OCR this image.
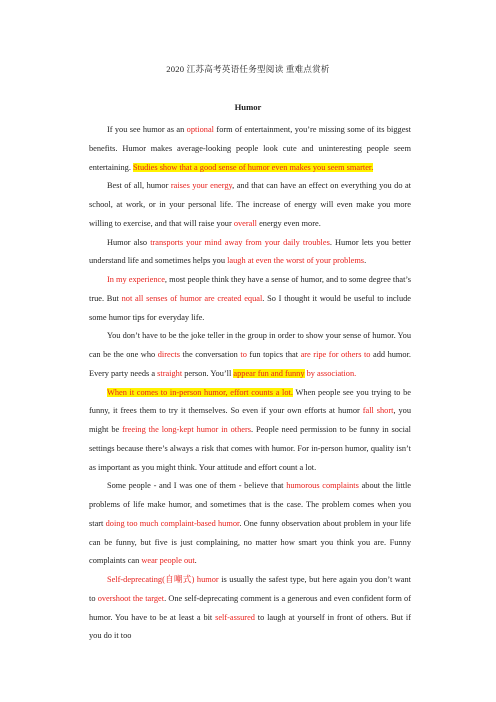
2020 江苏高考英语任务型阅读 重难点赏析
Humor

If you see humor as an optional form of entertainment, you’re missing some of its biggest benefits. Humor makes average-looking people look cute and uninteresting people seem entertaining. Studies show that a good sense of humor even makes you seem smarter.

Best of all, humor raises your energy, and that can have an effect on everything you do at school, at work, or in your personal life. The increase of energy will even make you more willing to exercise, and that will raise your overall energy even more.

Humor also transports your mind away from your daily troubles. Humor lets you better understand life and sometimes helps you laugh at even the worst of your problems.

In my experience, most people think they have a sense of humor, and to some degree that’s true. But not all senses of humor are created equal. So I thought it would be useful to include some humor tips for everyday life.

You don’t have to be the joke teller in the group in order to show your sense of humor. You can be the one who directs the conversation to fun topics that are ripe for others to add humor. Every party needs a straight person. You’ll appear fun and funny by association.

When it comes to in-person humor, effort counts a lot. When people see you trying to be funny, it frees them to try it themselves. So even if your own efforts at humor fall short, you might be freeing the long-kept humor in others. People need permission to be funny in social settings because there’s always a risk that comes with humor. For in-person humor, quality isn’t as important as you might think. Your attitude and effort count a lot.

Some people - and I was one of them - believe that humorous complaints about the little problems of life make humor, and sometimes that is the case. The problem comes when you start doing too much complaint-based humor. One funny observation about problem in your life can be funny, but five is just complaining, no matter how smart you think you are. Funny complaints can wear people out.

Self-deprecating(自嘲式) humor is usually the safest type, but here again you don’t want to overshoot the target. One self-deprecating comment is a generous and even confident form of humor. You have to be at least a bit self-assured to laugh at yourself in front of others. But if you do it too
